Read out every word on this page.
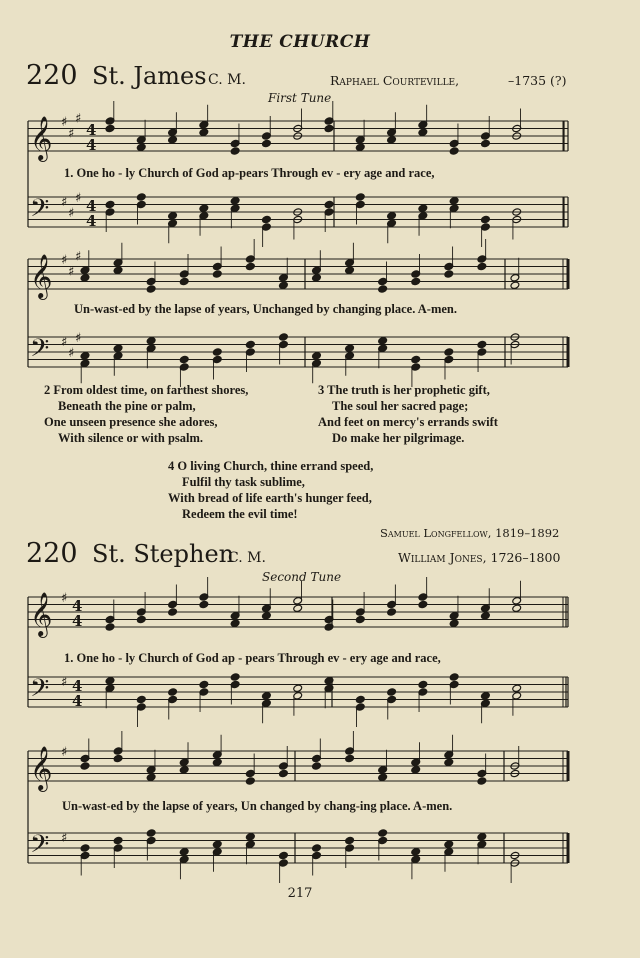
THE CHURCH
220 St. James C. M.	Raphael Courteville,	–1735 (?)
First Tune
1. One ho - ly Church of God ap-pears Through ev - ery age and race,
Un-wast-ed by the lapse of years, Unchanged by changing place. A-men.
2 From oldest time, on farthest shores,
Beneath the pine or palm,
One unseen presence she adores,
With silence or with psalm.
3 The truth is her prophetic gift,
The soul her sacred page;
And feet on mercy's errands swift
Do make her pilgrimage.
4 O living Church, thine errand speed,
Fulfil thy task sublime,
With bread of life earth's hunger feed,
Redeem the evil time!
Samuel Longfellow, 1819–1892
220 St. Stephen
C. M.	William Jones, 1726–1800
Second Tune
1. One ho - ly Church of God ap - pears Through ev - ery age and race,
Un-wast-ed by the lapse of years, Un changed by chang-ing place. A-men.
217
𝄞 ♯
♯
♯
4
4
𝄢 ♯
♯
♯ 4
4
𝄞 ♯
♯
♯
𝄢 ♯
♯
♯
𝄞 ♯ 4
4
𝄢 ♯ 4
4
𝄞 ♯
𝄢 ♯
